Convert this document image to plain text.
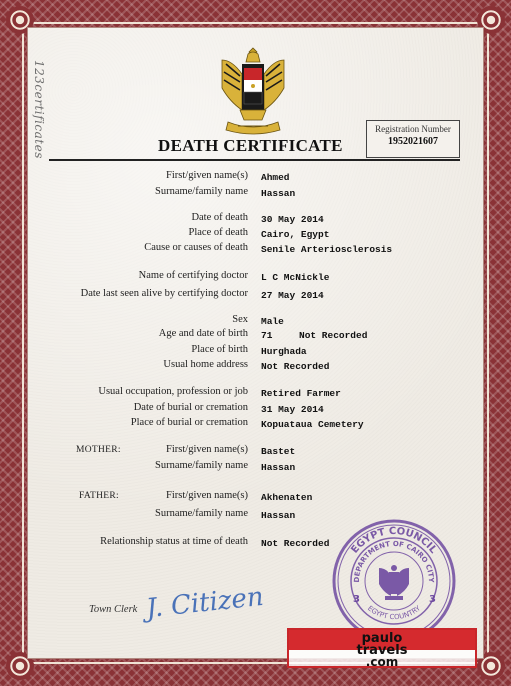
123certificates	DEATH CERTIFICATE
Registration Number
1952021607
First/given name(s) Ahmed
Surname/family name Hassan
Date of death 30 May 2014
Place of death Cairo, Egypt
Cause or causes of death Senile Arteriosclerosis
Name of certifying doctor L C McNickle
Date last seen alive by certifying doctor 27 May 2014
Sex Male
Age and date of birth 71	Not Recorded
Place of birth Hurghada
Usual home address Not Recorded
Usual occupation, profession or job Retired Farmer
Date of burial or cremation 31 May 2014
Place of burial or cremation Kopuataua Cemetery
MOTHER:	First/given name(s) Bastet
Surname/family name Hassan
FATHER:	First/given name(s) Akhenaten
Surname/family name Hassan
Relationship status at time of death Not Recorded EGYPT COUNCIL
DEPARTMENT OF CAIRO CITY
EGYPT COUNTRY
3	3
Town Clerk J. Citizen
paulo
travels
.com
